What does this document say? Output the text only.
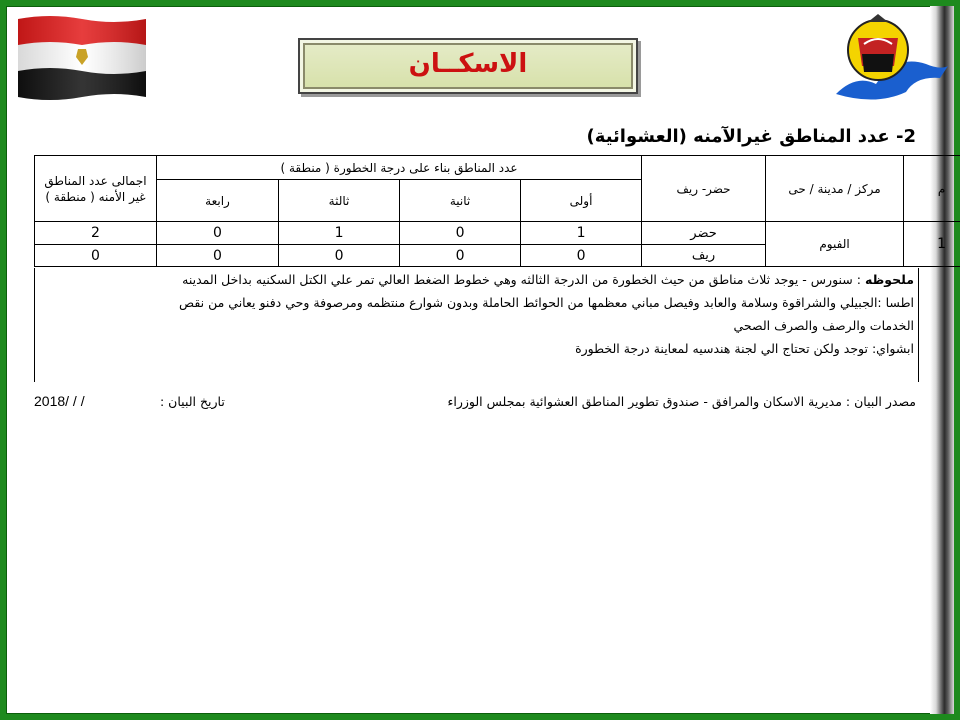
الاسكــان
2- عدد المناطق غيرالآمنه (العشوائية)
م	مركز / مدينة / حى	حضر- ريف	عدد المناطق بناء على درجة الخطورة ( منطقة )				اجمالى عدد المناطق غير الأمنه ( منطقة )
			أولى	ثانية	ثالثة	رابعة	
1	الفيوم	حضر	1	0	1	0	2
		ريف	0	0	0	0	0
ملحوظه : سنورس - يوجد ثلاث مناطق من حيث الخطورة من الدرجة الثالثه وهي خطوط الضغط العالي تمر علي الكتل السكنيه بداخل المدينه
اطسا :الجبيلي والشراقوة وسلامة والعابد وفيصل مباني معظمها من الحوائط الحاملة وبدون شوارع منتظمه ومرصوفة وحي دفنو يعاني من نقص
الخدمات والرصف والصرف الصحي
ابشواي: توجد ولكن تحتاج الي لجنة هندسيه لمعاينة درجة الخطورة
مصدر البيان : مديرية الاسكان والمرافق - صندوق تطوير المناطق العشوائية بمجلس الوزراء
تاريخ البيان :
2018/ / /
